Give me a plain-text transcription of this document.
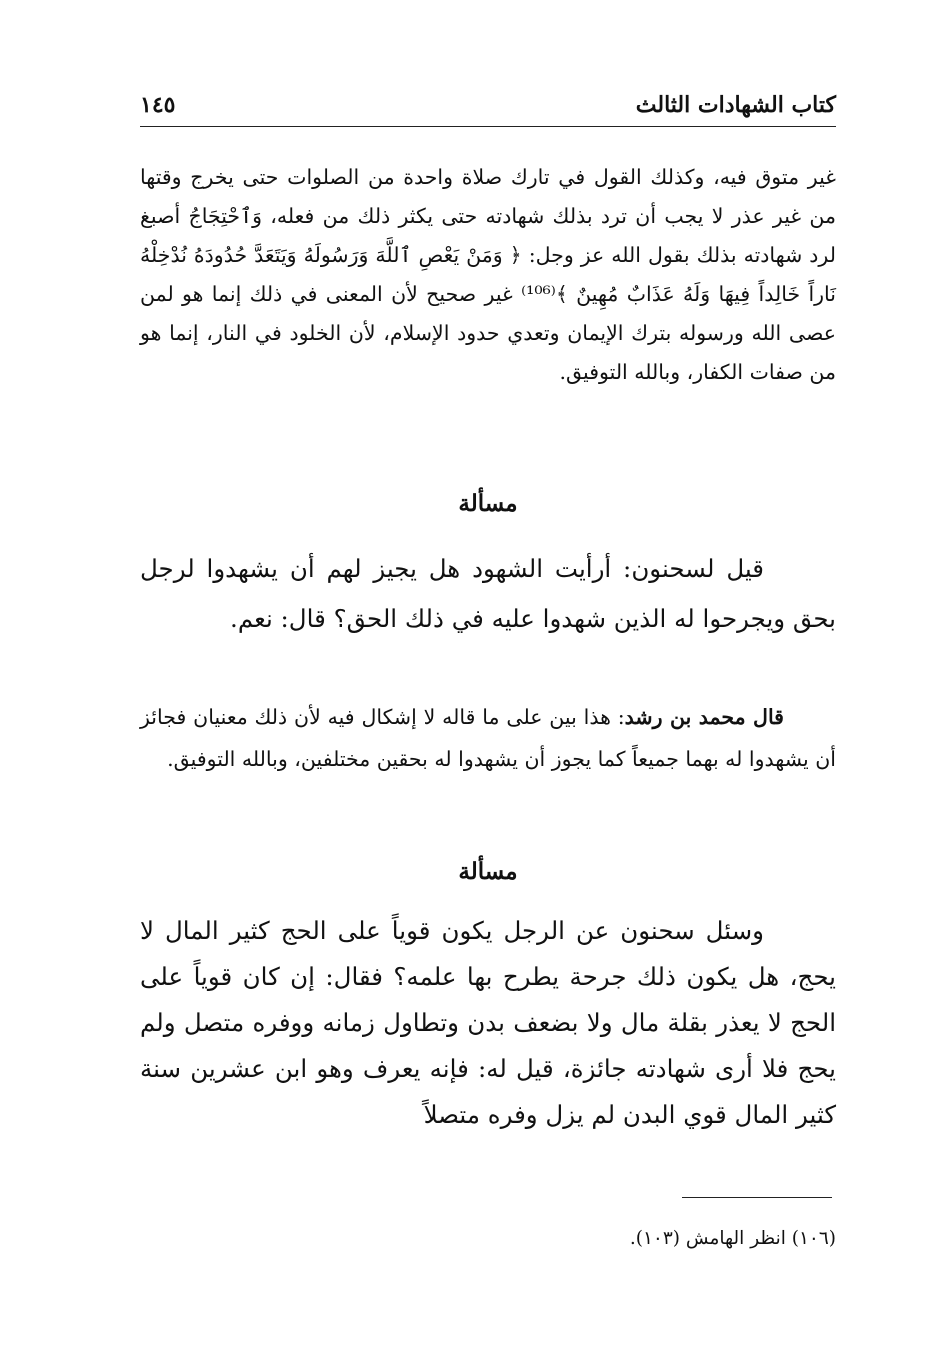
كتاب الشهادات الثالث
١٤٥

غير متوق فيه، وكذلك القول في تارك صلاة واحدة من الصلوات حتى يخرج وقتها من غير عذر لا يجب أن ترد بذلك شهادته حتى يكثر ذلك من فعله، وَٱحْتِجَاجُ أصبغ لرد شهادته بذلك بقول الله عز وجل: ﴿ وَمَنْ يَعْصِ ٱللَّهَ وَرَسُولَهُ وَيَتَعَدَّ حُدُودَهُ نُدْخِلْهُ نَاراً خَالِداً فِيهَا وَلَهُ عَذَابٌ مُهِينٌ ﴾⁽¹⁰⁶⁾ غير صحيح لأن المعنى في ذلك إنما هو لمن عصى الله ورسوله بترك الإيمان وتعدي حدود الإسلام، لأن الخلود في النار، إنما هو من صفات الكفار، وبالله التوفيق.

مسألة

قيل لسحنون: أرأيت الشهود هل يجيز لهم أن يشهدوا لرجل بحق ويجرحوا له الذين شهدوا عليه في ذلك الحق؟ قال: نعم.

قال محمد بن رشد: هذا بين على ما قاله لا إشكال فيه لأن ذلك معنيان فجائز أن يشهدوا له بهما جميعاً كما يجوز أن يشهدوا له بحقين مختلفين، وبالله التوفيق.

مسألة

وسئل سحنون عن الرجل يكون قوياً على الحج كثير المال لا يحج، هل يكون ذلك جرحة يطرح بها علمه؟ فقال: إن كان قوياً على الحج لا يعذر بقلة مال ولا بضعف بدن وتطاول زمانه ووفره متصل ولم يحج فلا أرى شهادته جائزة، قيل له: فإنه يعرف وهو ابن عشرين سنة كثير المال قوي البدن لم يزل وفره متصلاً

(١٠٦) انظر الهامش (١٠٣).
